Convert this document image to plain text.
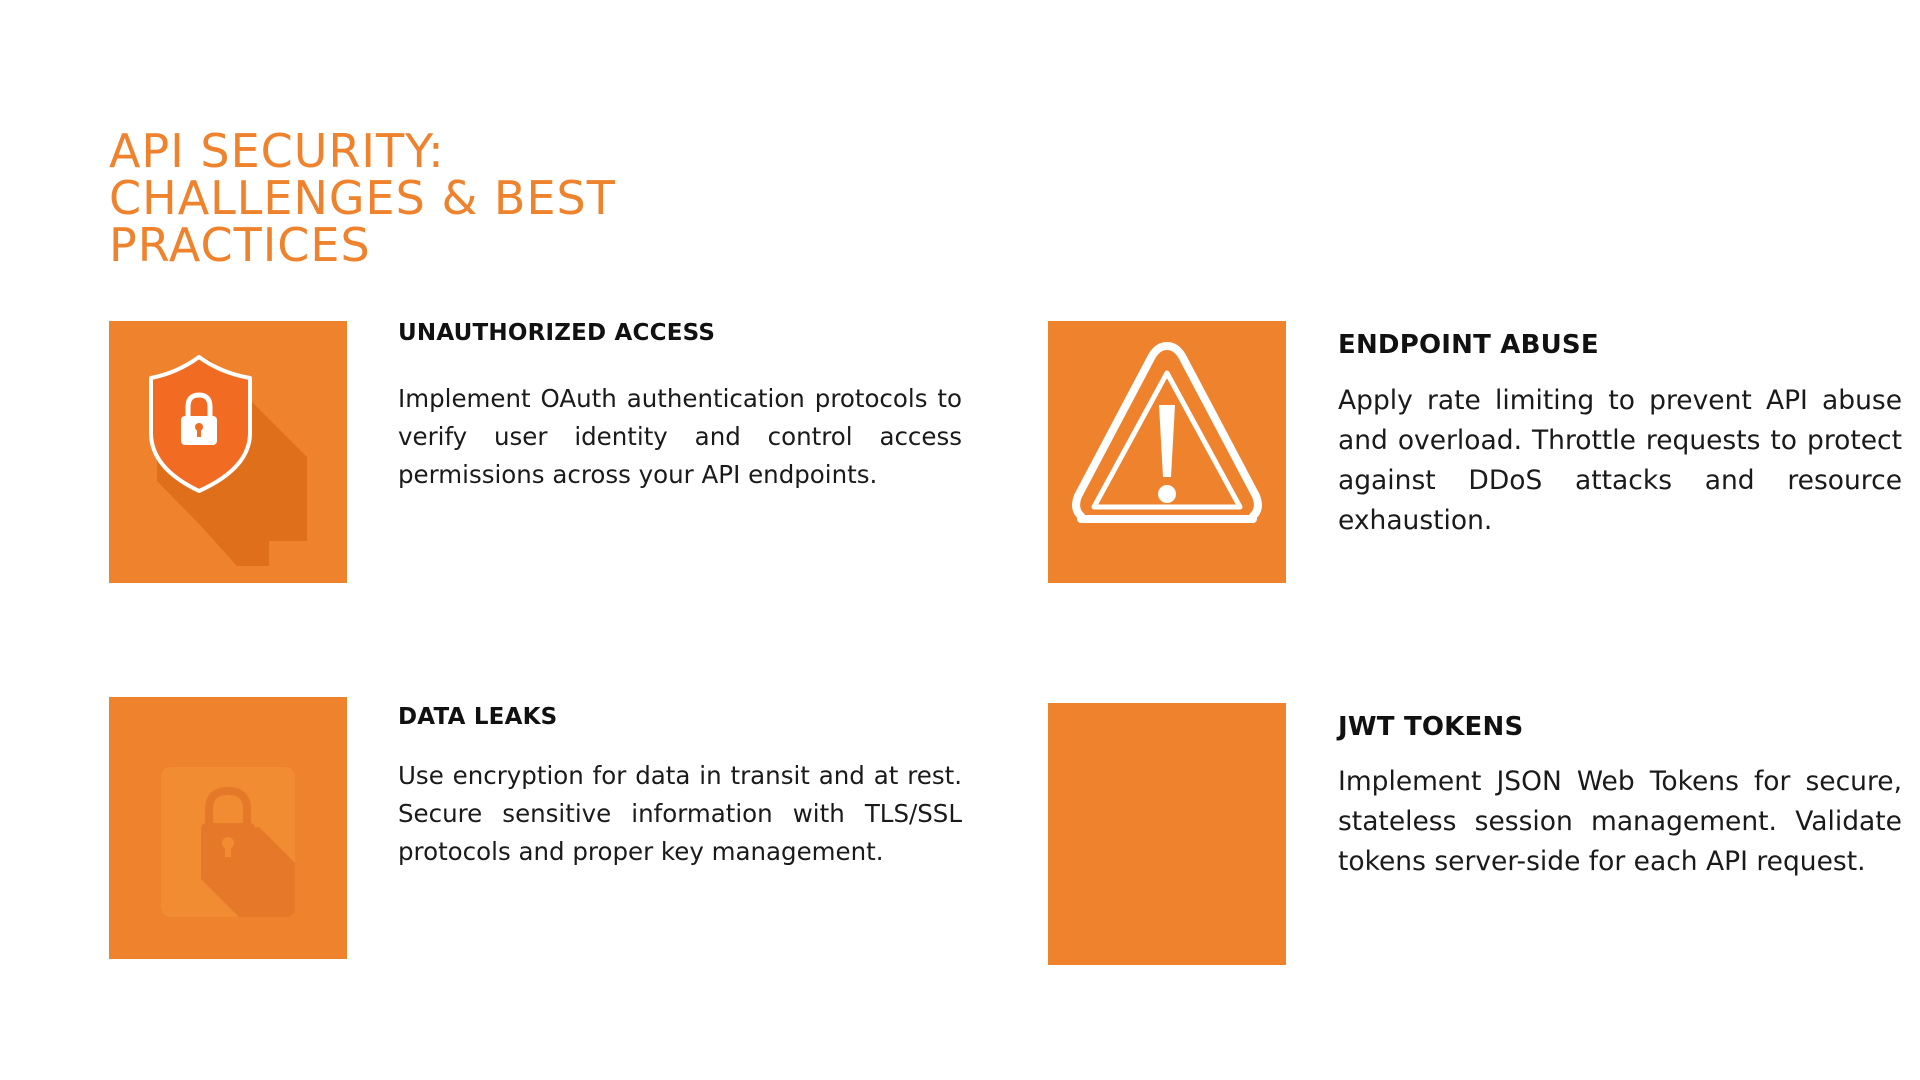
API SECURITY:
CHALLENGES & BEST
PRACTICES
UNAUTHORIZED ACCESS

Implement OAuth authentication protocols to verify user identity and control access permissions across your API endpoints.

ENDPOINT ABUSE

Apply rate limiting to prevent API abuse and overload. Throttle requests to protect against DDoS attacks and resource exhaustion.

DATA LEAKS

Use encryption for data in transit and at rest. Secure sensitive information with TLS/SSL protocols and proper key management.

JWT TOKENS

Implement JSON Web Tokens for secure, stateless session management. Validate tokens server-side for each API request.
